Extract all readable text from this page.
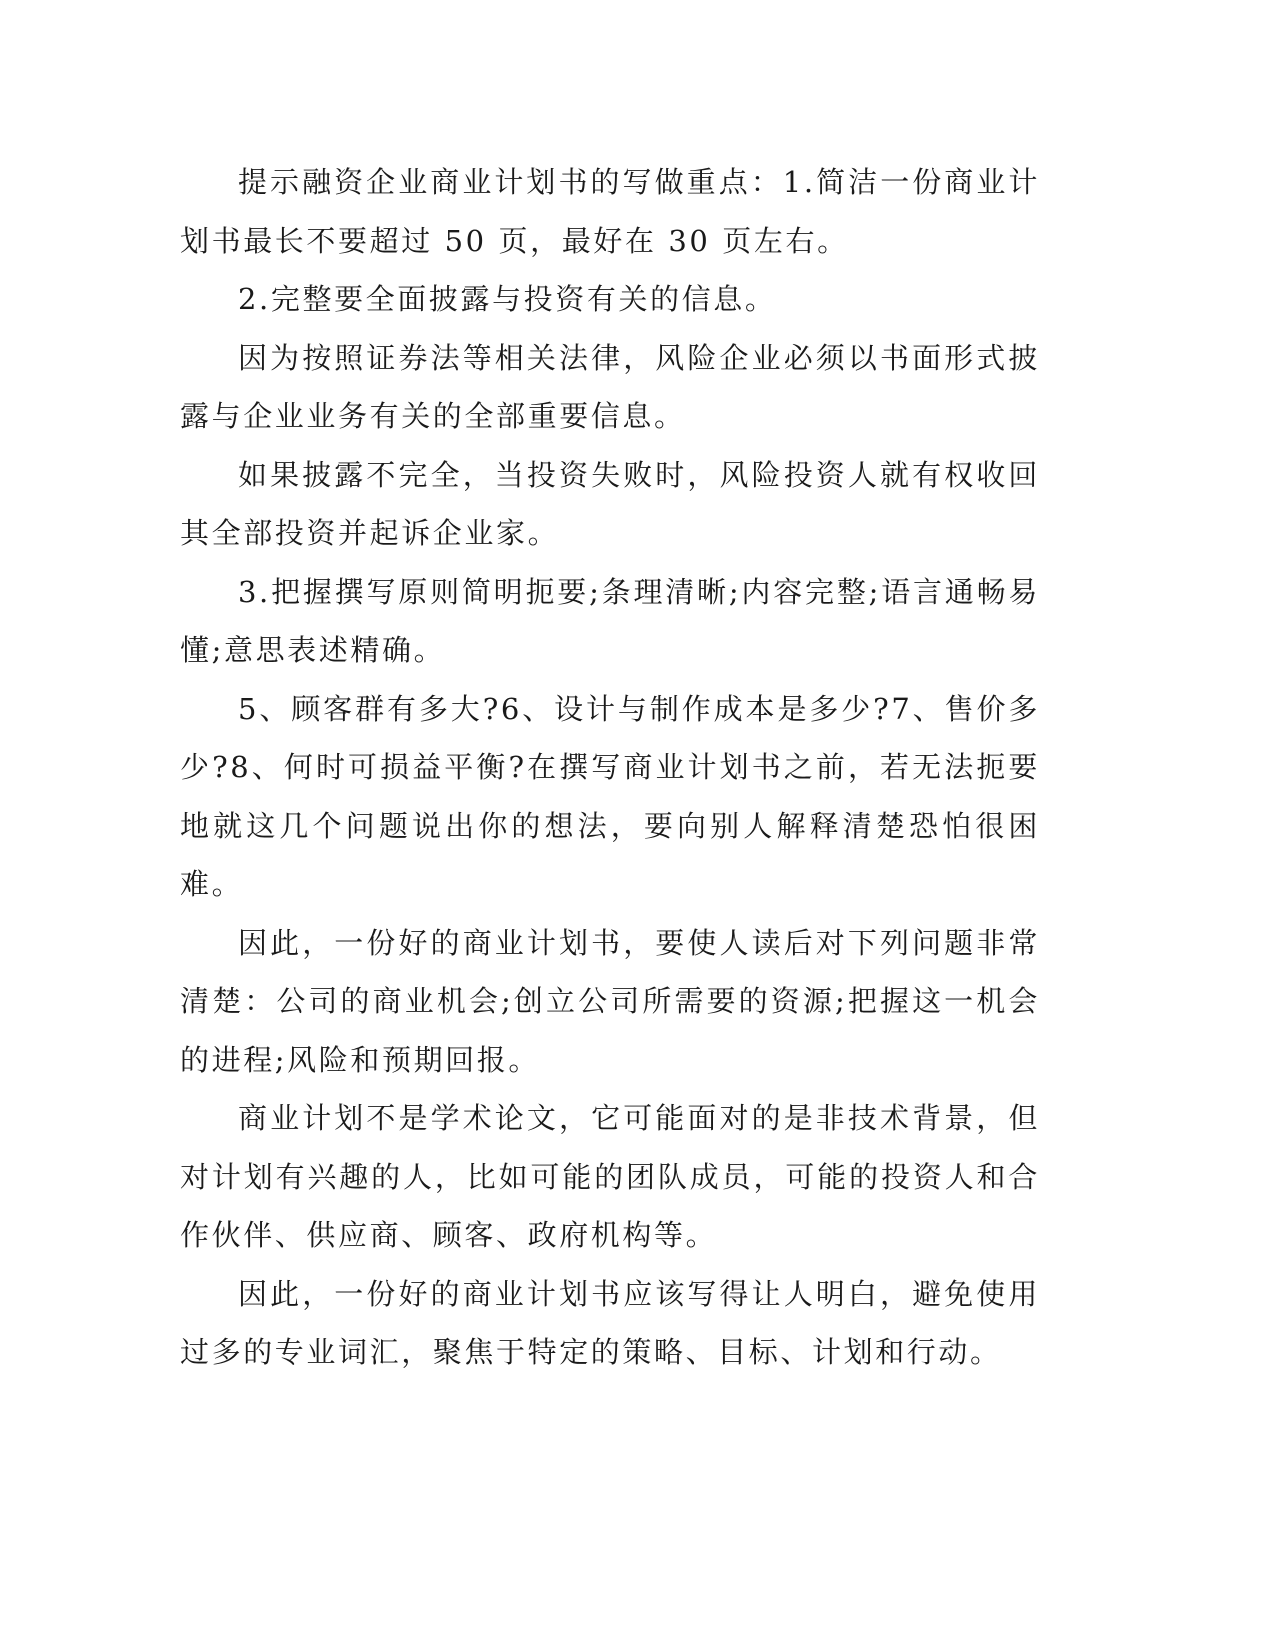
提示融资企业商业计划书的写做重点：1.简洁一份商业计划书最长不要超过 50 页，最好在 30 页左右。

2.完整要全面披露与投资有关的信息。

因为按照证券法等相关法律，风险企业必须以书面形式披露与企业业务有关的全部重要信息。

如果披露不完全，当投资失败时，风险投资人就有权收回其全部投资并起诉企业家。

3.把握撰写原则简明扼要;条理清晰;内容完整;语言通畅易懂;意思表述精确。

5、顾客群有多大?6、设计与制作成本是多少?7、售价多少?8、何时可损益平衡?在撰写商业计划书之前，若无法扼要地就这几个问题说出你的想法，要向别人解释清楚恐怕很困难。

因此，一份好的商业计划书，要使人读后对下列问题非常清楚：公司的商业机会;创立公司所需要的资源;把握这一机会的进程;风险和预期回报。

商业计划不是学术论文，它可能面对的是非技术背景，但对计划有兴趣的人，比如可能的团队成员，可能的投资人和合作伙伴、供应商、顾客、政府机构等。

因此，一份好的商业计划书应该写得让人明白，避免使用过多的专业词汇，聚焦于特定的策略、目标、计划和行动。
